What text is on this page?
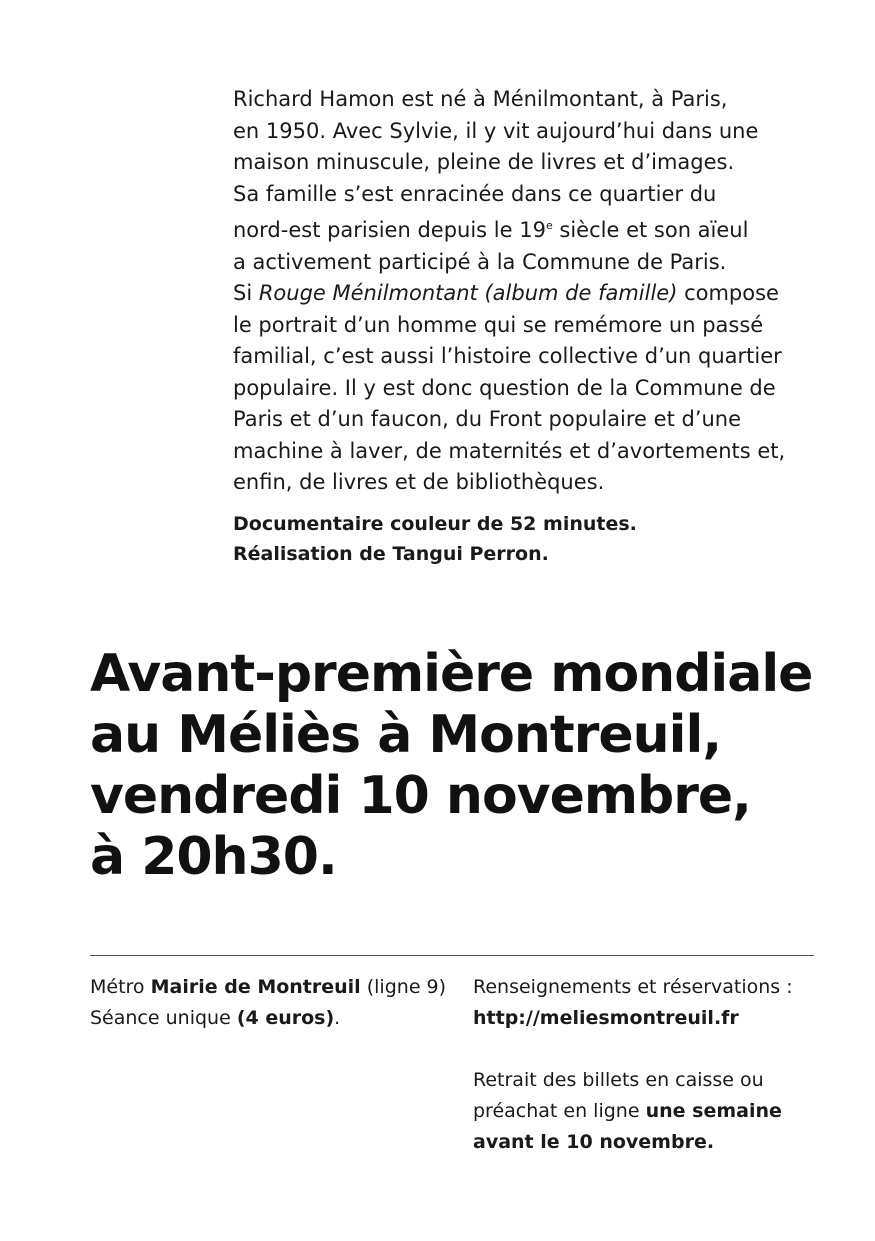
Richard Hamon est né à Ménilmontant, à Paris,
en 1950. Avec Sylvie, il y vit aujourd’hui dans une
maison minuscule, pleine de livres et d’images.
Sa famille s’est enracinée dans ce quartier du
nord-est parisien depuis le 19e siècle et son aïeul
a activement participé à la Commune de Paris.
Si Rouge Ménilmontant (album de famille) compose
le portrait d’un homme qui se remémore un passé
familial, c’est aussi l’histoire collective d’un quartier
populaire. Il y est donc question de la Commune de
Paris et d’un faucon, du Front populaire et d’une
machine à laver, de maternités et d’avortements et,
enfin, de livres et de bibliothèques.
Documentaire couleur de 52 minutes.
Réalisation de Tangui Perron.
Avant-première mondiale
au Méliès à Montreuil,
vendredi 10 novembre,
à 20h30.
Métro Mairie de Montreuil (ligne 9)
Séance unique (4 euros).
Renseignements et réservations :
http://meliesmontreuil.fr
Retrait des billets en caisse ou
préachat en ligne une semaine
avant le 10 novembre.
